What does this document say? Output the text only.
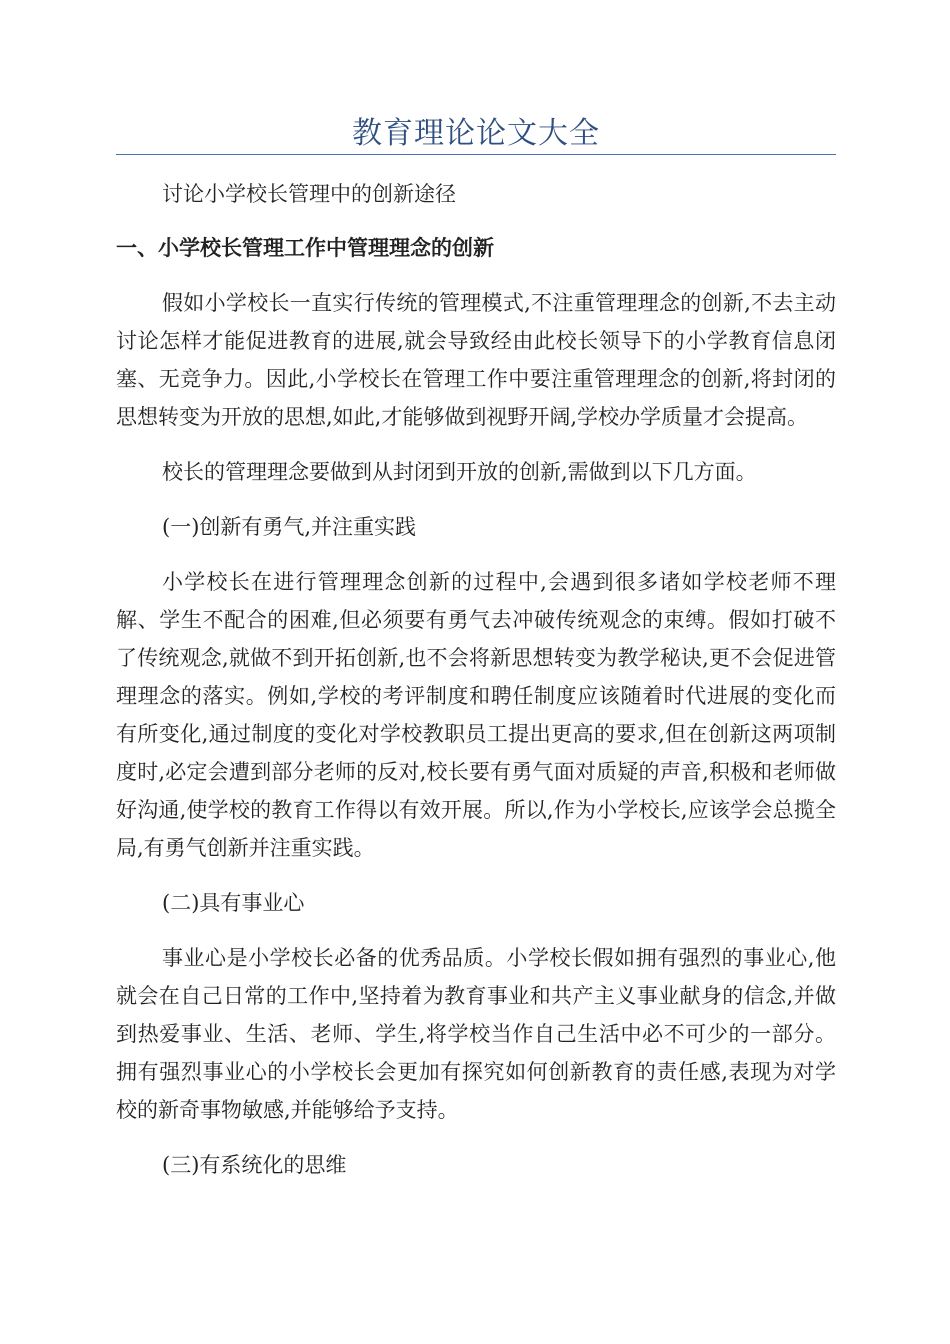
教育理论论文大全

讨论小学校长管理中的创新途径

一、小学校长管理工作中管理理念的创新

假如小学校长一直实行传统的管理模式,不注重管理理念的创新,不去主动讨论怎样才能促进教育的进展,就会导致经由此校长领导下的小学教育信息闭塞、无竞争力。因此,小学校长在管理工作中要注重管理理念的创新,将封闭的思想转变为开放的思想,如此,才能够做到视野开阔,学校办学质量才会提高。

校长的管理理念要做到从封闭到开放的创新,需做到以下几方面。

(一)创新有勇气,并注重实践

小学校长在进行管理理念创新的过程中,会遇到很多诸如学校老师不理解、学生不配合的困难,但必须要有勇气去冲破传统观念的束缚。假如打破不了传统观念,就做不到开拓创新,也不会将新思想转变为教学秘诀,更不会促进管理理念的落实。例如,学校的考评制度和聘任制度应该随着时代进展的变化而有所变化,通过制度的变化对学校教职员工提出更高的要求,但在创新这两项制度时,必定会遭到部分老师的反对,校长要有勇气面对质疑的声音,积极和老师做好沟通,使学校的教育工作得以有效开展。所以,作为小学校长,应该学会总揽全局,有勇气创新并注重实践。

(二)具有事业心

事业心是小学校长必备的优秀品质。小学校长假如拥有强烈的事业心,他就会在自己日常的工作中,坚持着为教育事业和共产主义事业献身的信念,并做到热爱事业、生活、老师、学生,将学校当作自己生活中必不可少的一部分。拥有强烈事业心的小学校长会更加有探究如何创新教育的责任感,表现为对学校的新奇事物敏感,并能够给予支持。

(三)有系统化的思维
